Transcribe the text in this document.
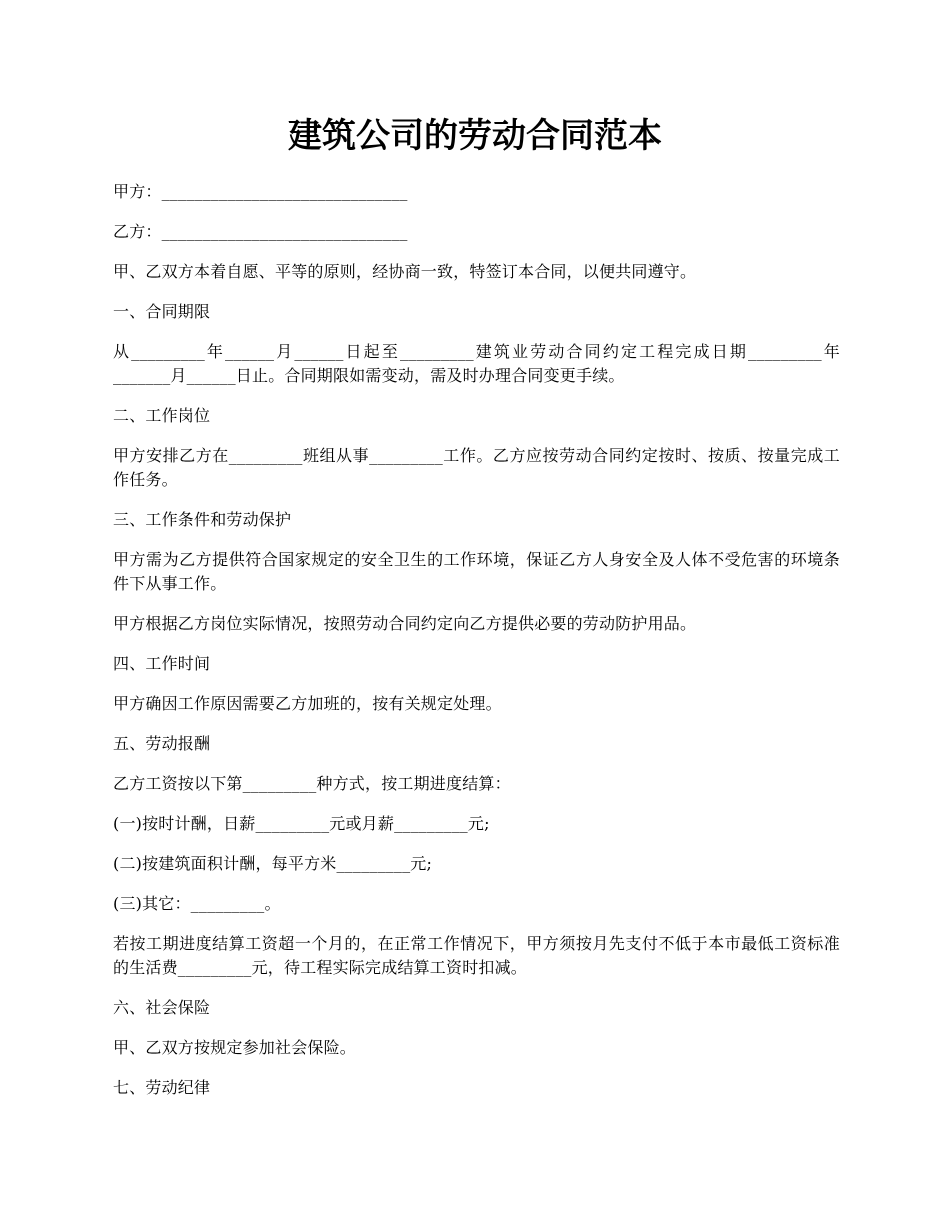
建筑公司的劳动合同范本

甲方：______________________________

乙方：______________________________

甲、乙双方本着自愿、平等的原则，经协商一致，特签订本合同，以便共同遵守。

一、合同期限

从_________年______月______日起至_________建筑业劳动合同约定工程完成日期_________年_______月______日止。合同期限如需变动，需及时办理合同变更手续。

二、工作岗位

甲方安排乙方在_________班组从事_________工作。乙方应按劳动合同约定按时、按质、按量完成工作任务。

三、工作条件和劳动保护

甲方需为乙方提供符合国家规定的安全卫生的工作环境，保证乙方人身安全及人体不受危害的环境条件下从事工作。

甲方根据乙方岗位实际情况，按照劳动合同约定向乙方提供必要的劳动防护用品。

四、工作时间

甲方确因工作原因需要乙方加班的，按有关规定处理。

五、劳动报酬

乙方工资按以下第_________种方式，按工期进度结算：

(一)按时计酬，日薪_________元或月薪_________元;

(二)按建筑面积计酬，每平方米_________元;

(三)其它：_________。

若按工期进度结算工资超一个月的，在正常工作情况下，甲方须按月先支付不低于本市最低工资标准的生活费_________元，待工程实际完成结算工资时扣减。

六、社会保险

甲、乙双方按规定参加社会保险。

七、劳动纪律
